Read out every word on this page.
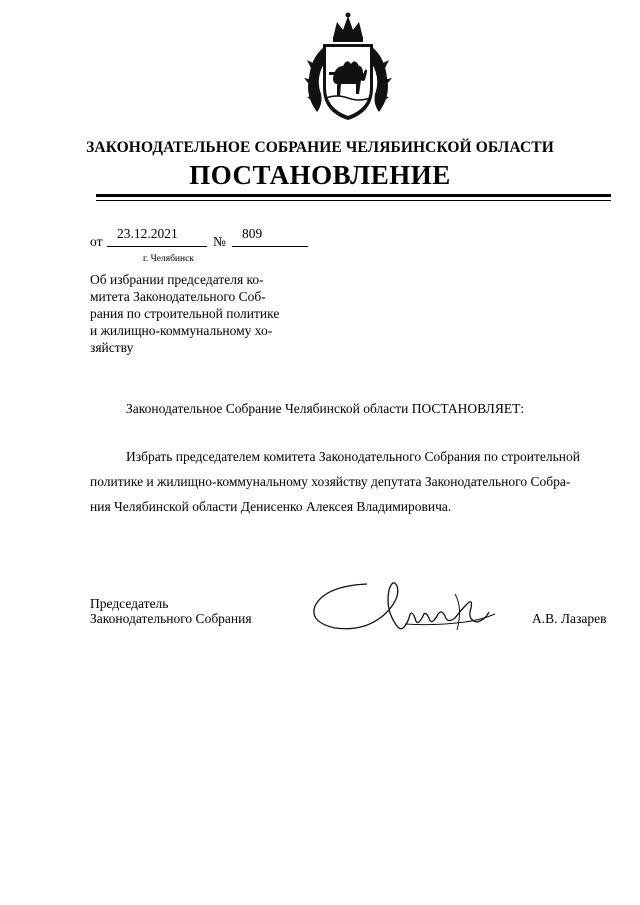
ЗАКОНОДАТЕЛЬНОЕ СОБРАНИЕ ЧЕЛЯБИНСКОЙ ОБЛАСТИ
ПОСТАНОВЛЕНИЕ
от
23.12.2021
№
809
г. Челябинск
Об избрании председателя ко-
митета Законодательного Соб-
рания по строительной политике
и жилищно-коммунальному хо-
зяйству
Законодательное Собрание Челябинской области ПОСТАНОВЛЯЕТ:
Избрать председателем комитета Законодательного Собрания по строительной
политике и жилищно-коммунальному хозяйству депутата Законодательного Собра-
ния Челябинской области Денисенко Алексея Владимировича.
Председатель
Законодательного Собрания	А.В. Лазарев
